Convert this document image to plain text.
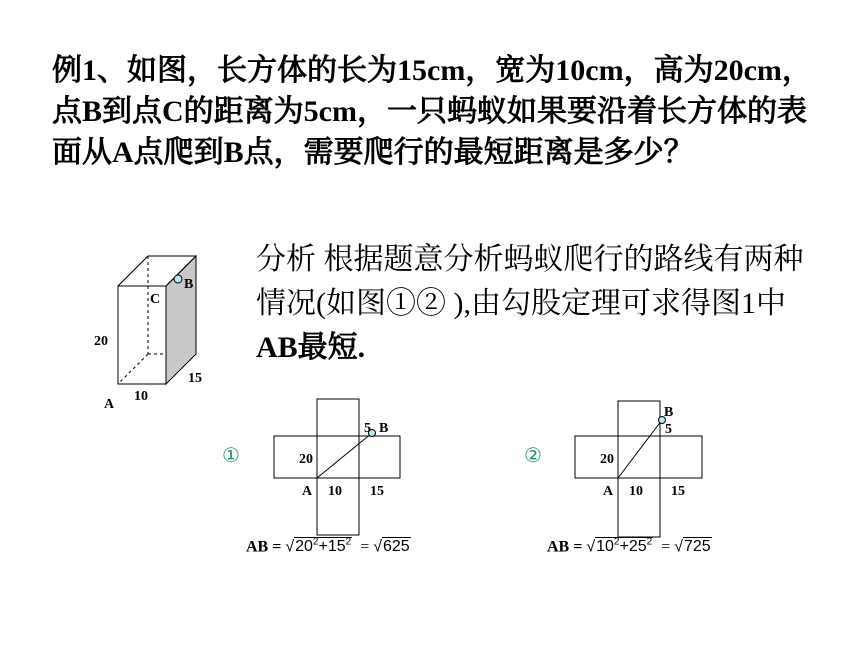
例1、如图，长方体的长为15cm，宽为10cm，高为20cm，点B到点C的距离为5cm，一只蚂蚁如果要沿着长方体的表面从A点爬到B点，需要爬行的最短距离是多少？

分析 根据题意分析蚂蚁爬行的路线有两种情况(如图①② ),由勾股定理可求得图1中AB最短.

B
C
20
10
15
A
①
5 B
20
A 10 15
②
B
5
20
A 10 15
AB = $√20^2+15^2 = √625$	AB = $√10^2+25^2 = √725$
